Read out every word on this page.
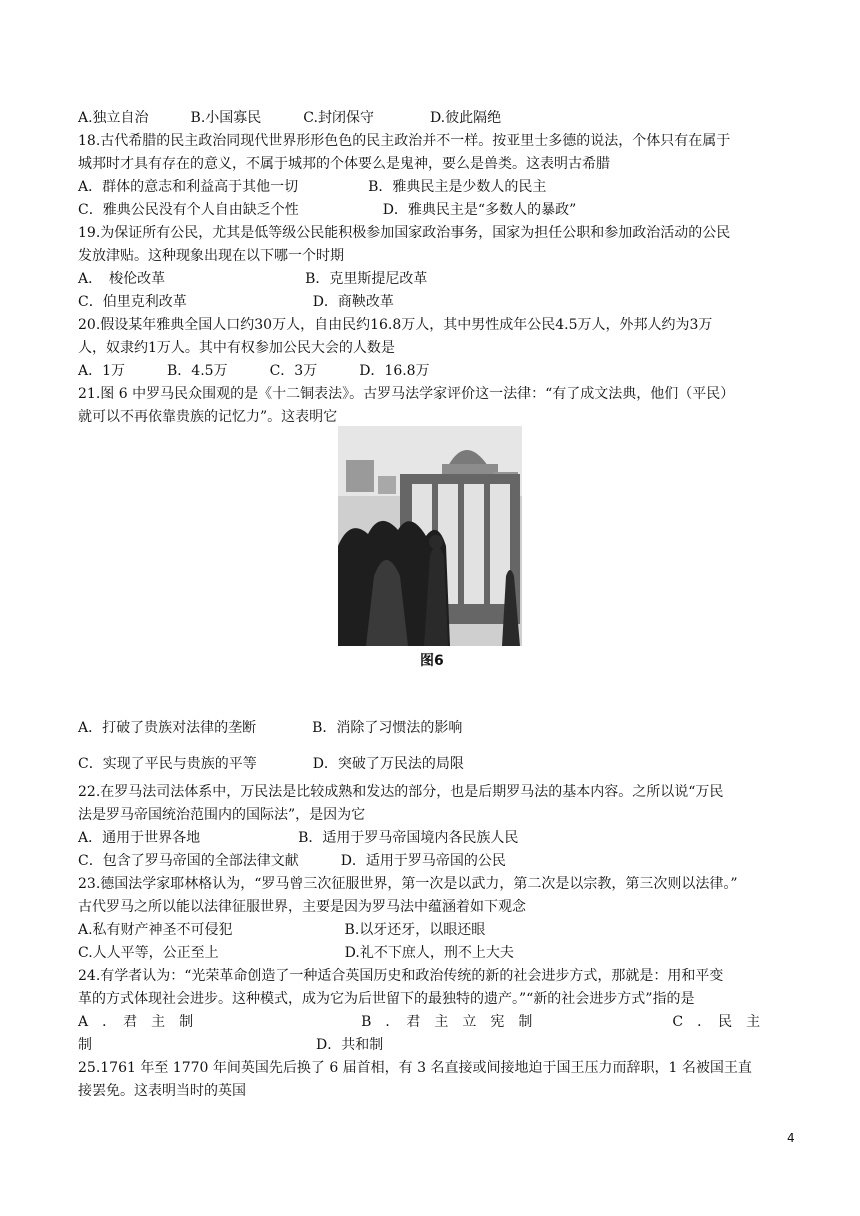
A.独立自治　　　B.小国寡民　　　C.封闭保守　　　　D.彼此隔绝
18.古代希腊的民主政治同现代世界形形色色的民主政治并不一样。按亚里士多德的说法，个体只有在属于
城邦时才具有存在的意义，不属于城邦的个体要么是鬼神，要么是兽类。这表明古希腊
A．群体的意志和利益高于其他一切　　　　　B．雅典民主是少数人的民主
C．雅典公民没有个人自由缺乏个性　　　　　　D．雅典民主是“多数人的暴政”
19.为保证所有公民，尤其是低等级公民能积极参加国家政治事务，国家为担任公职和参加政治活动的公民
发放津贴。这种现象出现在以下哪一个时期
A．　梭伦改革　　　　　　　　　　B．克里斯提尼改革
C．伯里克利改革　　　　　　　　　D．商鞅改革
20.假设某年雅典全国人口约30万人，自由民约16.8万人，其中男性成年公民4.5万人，外邦人约为3万
人，奴隶约1万人。其中有权参加公民大会的人数是
A．1万　　　B．4.5万　　　C．3万　　　D．16.8万
21.图 6 中罗马民众围观的是《十二铜表法》。古罗马法学家评价这一法律：“有了成文法典，他们（平民）
就可以不再依靠贵族的记忆力”。这表明它
图6
A．打破了贵族对法律的垄断　　　　B．消除了习惯法的影响
C．实现了平民与贵族的平等　　　　D．突破了万民法的局限
22.在罗马法司法体系中，万民法是比较成熟和发达的部分，也是后期罗马法的基本内容。之所以说“万民
法是罗马帝国统治范围内的国际法”，是因为它
A．通用于世界各地　　　　　　　B．适用于罗马帝国境内各民族人民
C．包含了罗马帝国的全部法律文献　　　D．适用于罗马帝国的公民
23.德国法学家耶林格认为，“罗马曾三次征服世界，第一次是以武力，第二次是以宗教，第三次则以法律。”
古代罗马之所以能以法律征服世界，主要是因为罗马法中蕴涵着如下观念
A.私有财产神圣不可侵犯　　　　　　　　B.以牙还牙，以眼还眼
C.人人平等，公正至上　　　　　　　　　D.礼不下庶人，刑不上大夫
24.有学者认为：“光荣革命创造了一种适合英国历史和政治传统的新的社会进步方式，那就是：用和平变
革的方式体现社会进步。这种模式，成为它为后世留下的最独特的遗产。”“新的社会进步方式”指的是
A　．　君　主　制　　　　　　　　　　　　B　．　君　主　立　宪　制　　　　　　　　　　C　．　民　主
制　　　　　　　　　　　　　　　　D．共和制
25.1761 年至 1770 年间英国先后换了 6 届首相，有 3 名直接或间接地迫于国王压力而辞职，1 名被国王直
接罢免。这表明当时的英国
4
